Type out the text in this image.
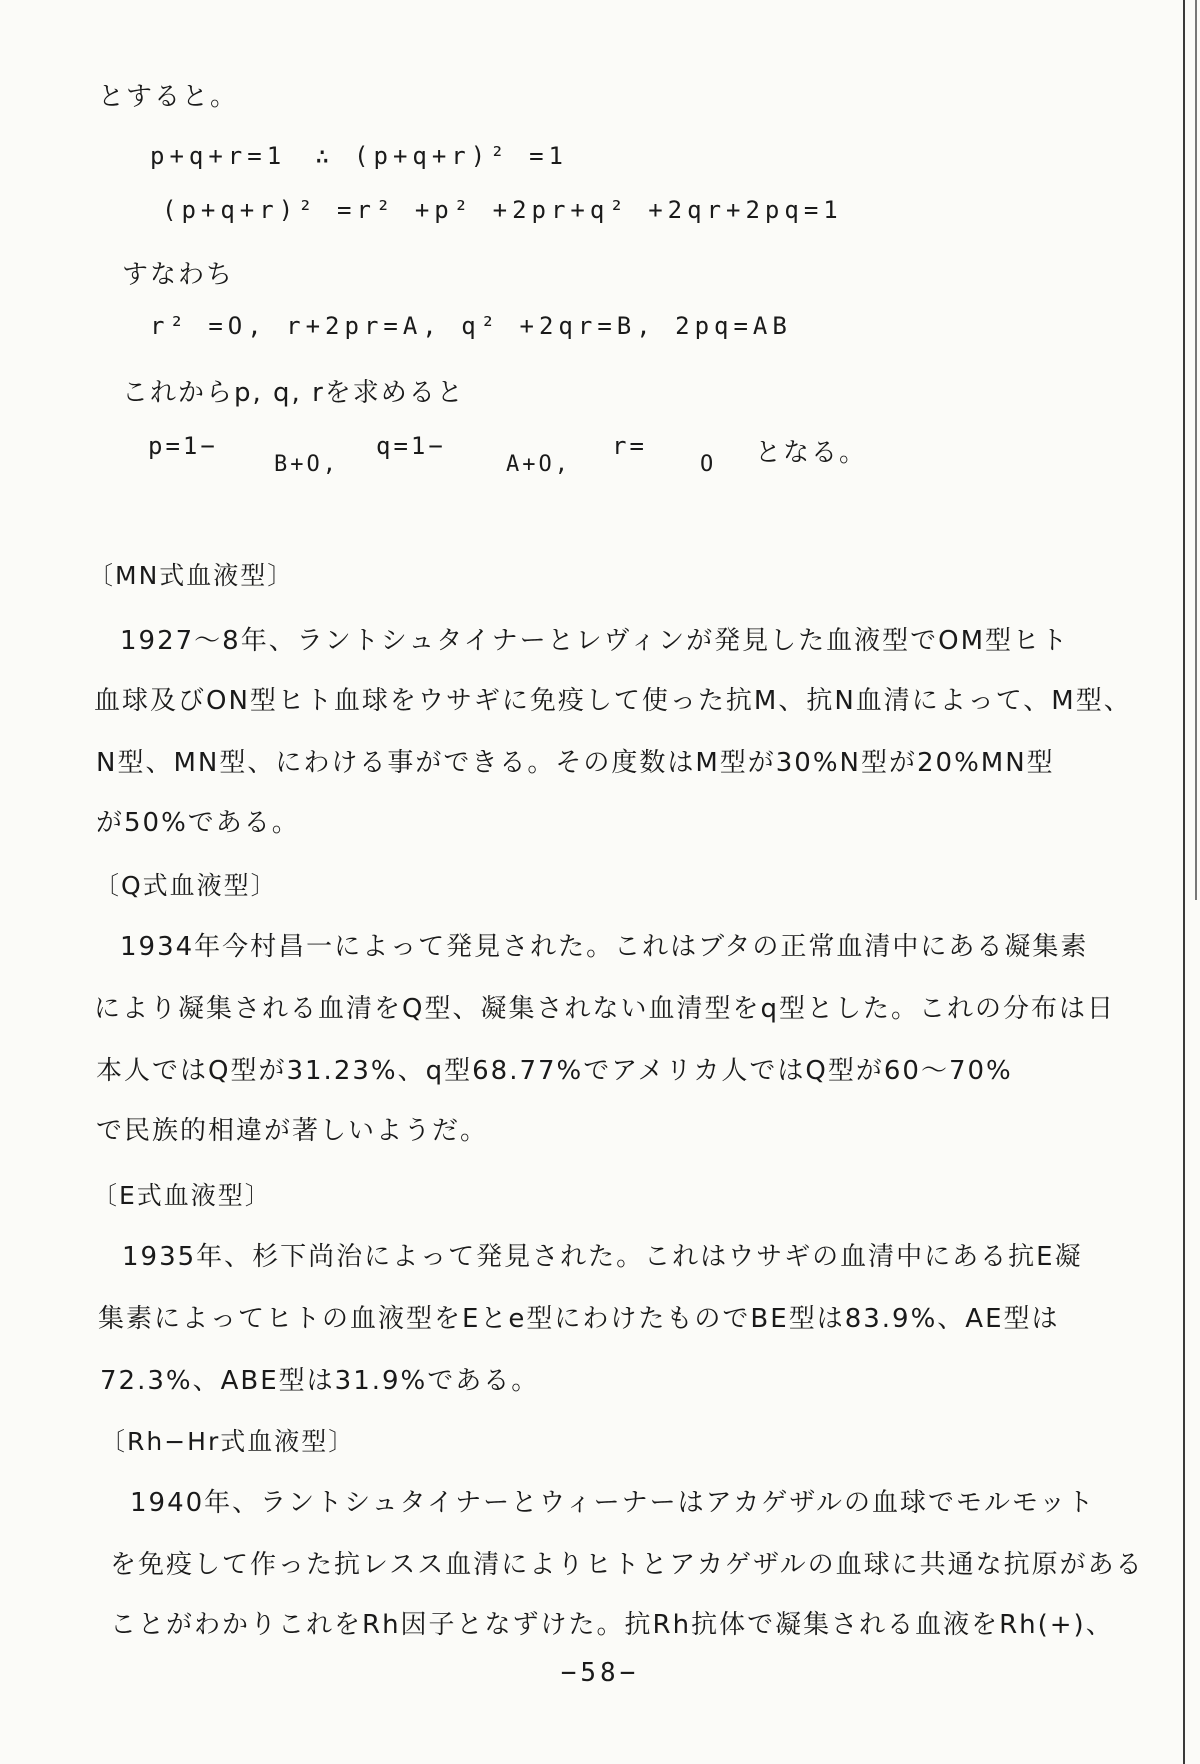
とすると。
p+q+r=1　∴ (p+q+r)² =1
(p+q+r)² =r² +p² +2pr+q² +2qr+2pq=1
すなわち
r² =O, r+2pr=A, q² +2qr=B, 2pq=AB
これからp, q, rを求めると
p=1−
B+O,
q=1−
A+O,
r=
O となる。
〔MN式血液型〕
1927〜8年、ラントシュタイナーとレヴィンが発見した血液型でOM型ヒト
血球及びON型ヒト血球をウサギに免疫して使った抗M、抗N血清によって、M型、
N型、MN型、にわける事ができる。その度数はM型が30%N型が20%MN型
が50%である。
〔Q式血液型〕
1934年今村昌一によって発見された。これはブタの正常血清中にある凝集素
により凝集される血清をQ型、凝集されない血清型をq型とした。これの分布は日
本人ではQ型が31.23%、q型68.77%でアメリカ人ではQ型が60〜70%
で民族的相違が著しいようだ。
〔E式血液型〕
1935年、杉下尚治によって発見された。これはウサギの血清中にある抗E凝
集素によってヒトの血液型をEとe型にわけたものでBE型は83.9%、AE型は
72.3%、ABE型は31.9%である。
〔Rh−Hr式血液型〕
1940年、ラントシュタイナーとウィーナーはアカゲザルの血球でモルモット
を免疫して作った抗レスス血清によりヒトとアカゲザルの血球に共通な抗原がある
ことがわかりこれをRh因子となずけた。抗Rh抗体で凝集される血液をRh(+)、
−58−
